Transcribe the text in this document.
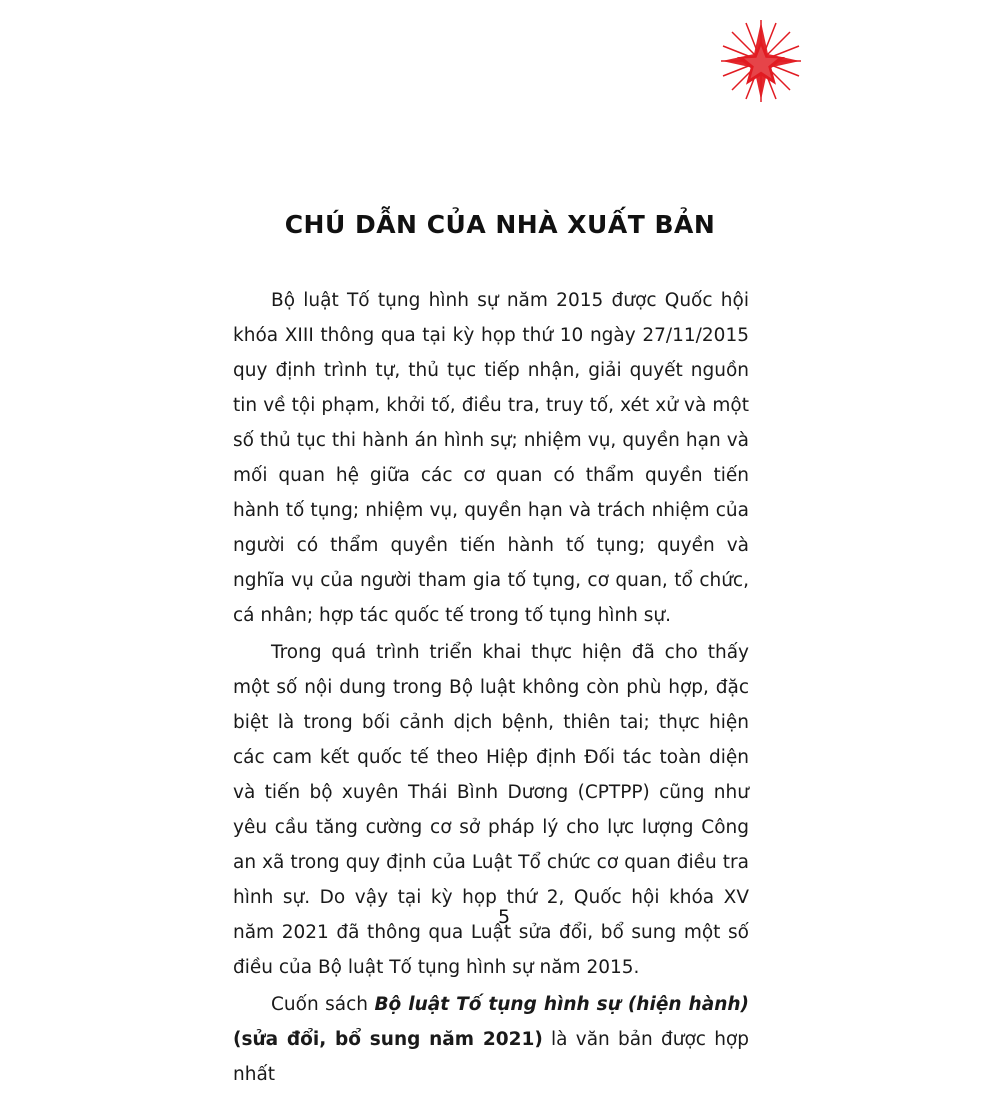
CHÚ DẪN CỦA NHÀ XUẤT BẢN

Bộ luật Tố tụng hình sự năm 2015 được Quốc hội khóa XIII thông qua tại kỳ họp thứ 10 ngày 27/11/2015 quy định trình tự, thủ tục tiếp nhận, giải quyết nguồn tin về tội phạm, khởi tố, điều tra, truy tố, xét xử và một số thủ tục thi hành án hình sự; nhiệm vụ, quyền hạn và mối quan hệ giữa các cơ quan có thẩm quyền tiến hành tố tụng; nhiệm vụ, quyền hạn và trách nhiệm của người có thẩm quyền tiến hành tố tụng; quyền và nghĩa vụ của người tham gia tố tụng, cơ quan, tổ chức, cá nhân; hợp tác quốc tế trong tố tụng hình sự.

Trong quá trình triển khai thực hiện đã cho thấy một số nội dung trong Bộ luật không còn phù hợp, đặc biệt là trong bối cảnh dịch bệnh, thiên tai; thực hiện các cam kết quốc tế theo Hiệp định Đối tác toàn diện và tiến bộ xuyên Thái Bình Dương (CPTPP) cũng như yêu cầu tăng cường cơ sở pháp lý cho lực lượng Công an xã trong quy định của Luật Tổ chức cơ quan điều tra hình sự. Do vậy tại kỳ họp thứ 2, Quốc hội khóa XV năm 2021 đã thông qua Luật sửa đổi, bổ sung một số điều của Bộ luật Tố tụng hình sự năm 2015.

Cuốn sách Bộ luật Tố tụng hình sự (hiện hành) (sửa đổi, bổ sung năm 2021) là văn bản được hợp nhất

5
